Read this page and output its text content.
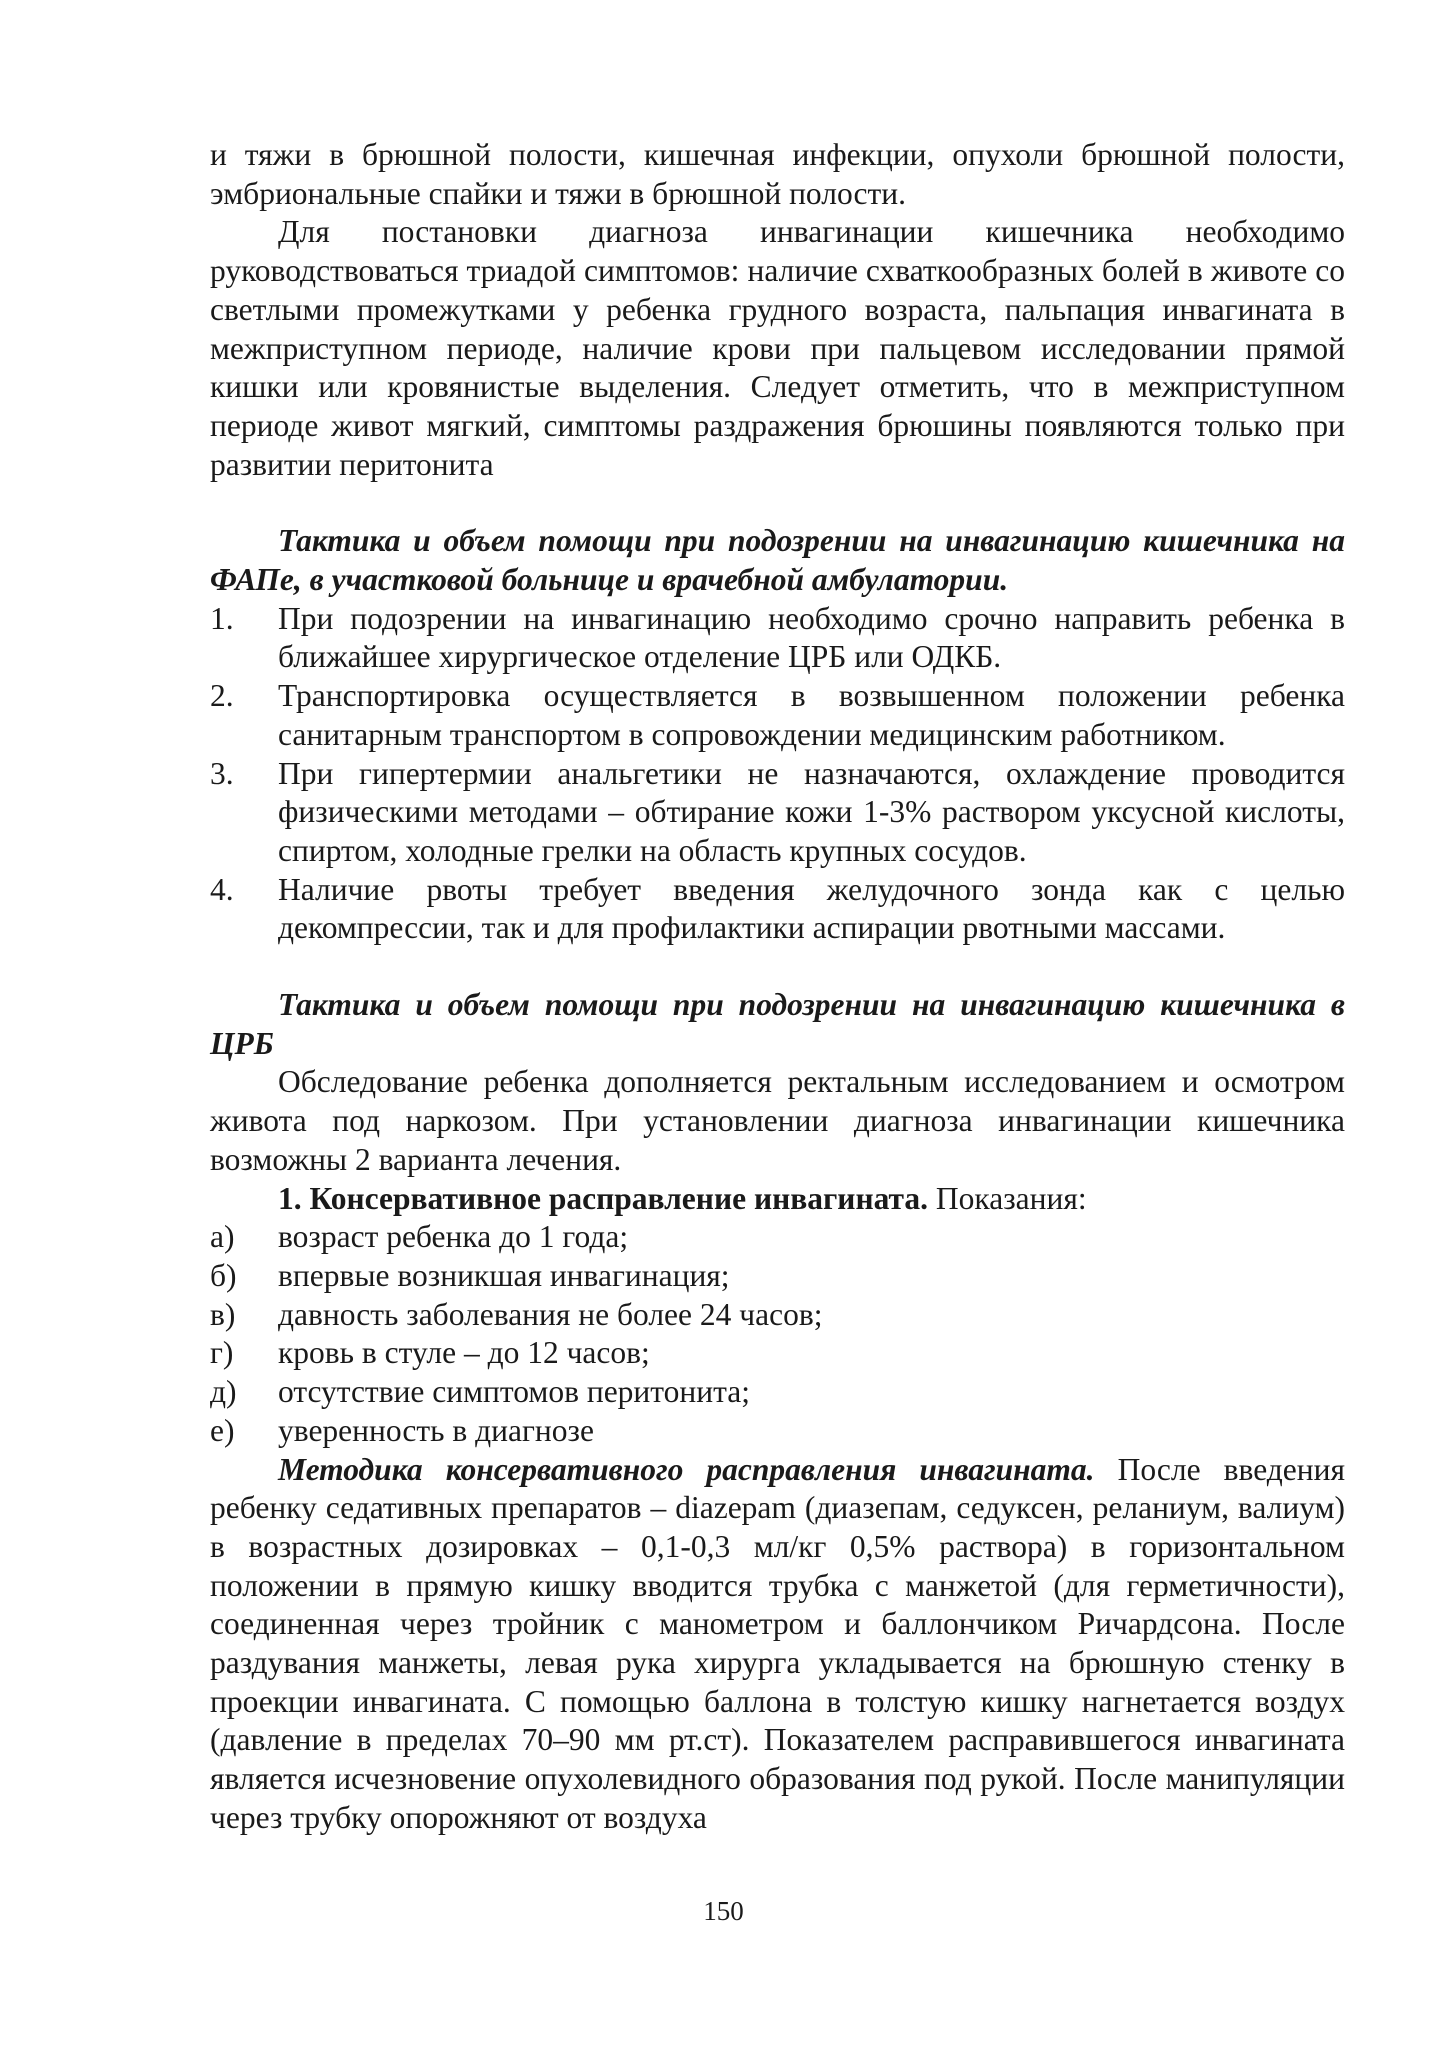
и тяжи в брюшной полости, кишечная инфекции, опухоли брюшной полости, эмбриональные спайки и тяжи в брюшной полости.

Для постановки диагноза инвагинации кишечника необходимо руководствоваться триадой симптомов: наличие схваткообразных болей в животе со светлыми промежутками у ребенка грудного возраста, пальпация инвагината в межприступном периоде, наличие крови при пальцевом исследовании прямой кишки или кровянистые выделения. Следует отметить, что в межприступном периоде живот мягкий, симптомы раздражения брюшины появляются только при развитии перитонита

Тактика и объем помощи при подозрении на инвагинацию кишечника на ФАПе, в участковой больнице и врачебной амбулатории.

1.	При подозрении на инвагинацию необходимо срочно направить ребенка в ближайшее хирургическое отделение ЦРБ или ОДКБ.
2.	Транспортировка осуществляется в возвышенном положении ребенка санитарным транспортом в сопровождении медицинским работником.
3.	При гипертермии анальгетики не назначаются, охлаждение проводится физическими методами – обтирание кожи 1-3% раствором уксусной кислоты, спиртом, холодные грелки на область крупных сосудов.
4.	Наличие рвоты требует введения желудочного зонда как с целью декомпрессии, так и для профилактики аспирации рвотными массами.

Тактика и объем помощи при подозрении на инвагинацию кишечника в ЦРБ

Обследование ребенка дополняется ректальным исследованием и осмотром живота под наркозом. При установлении диагноза инвагинации кишечника возможны 2 варианта лечения.

1. Консервативное расправление инвагината. Показания:

а)	возраст ребенка до 1 года;
б)	впервые возникшая инвагинация;
в)	давность заболевания не более 24 часов;
г)	кровь в стуле – до 12 часов;
д)	отсутствие симптомов перитонита;
е)	уверенность в диагнозе

Методика консервативного расправления инвагината. После введения ребенку седативных препаратов – diazepam (диазепам, седуксен, реланиум, валиум) в возрастных дозировках – 0,1-0,3 мл/кг 0,5% раствора) в горизонтальном положении в прямую кишку вводится трубка с манжетой (для герметичности), соединенная через тройник с манометром и баллончиком Ричардсона. После раздувания манжеты, левая рука хирурга укладывается на брюшную стенку в проекции инвагината. С помощью баллона в толстую кишку нагнетается воздух (давление в пределах 70–90 мм рт.ст). Показателем расправившегося инвагината является исчезновение опухолевидного образования под рукой. После манипуляции через трубку опорожняют от воздуха

150
